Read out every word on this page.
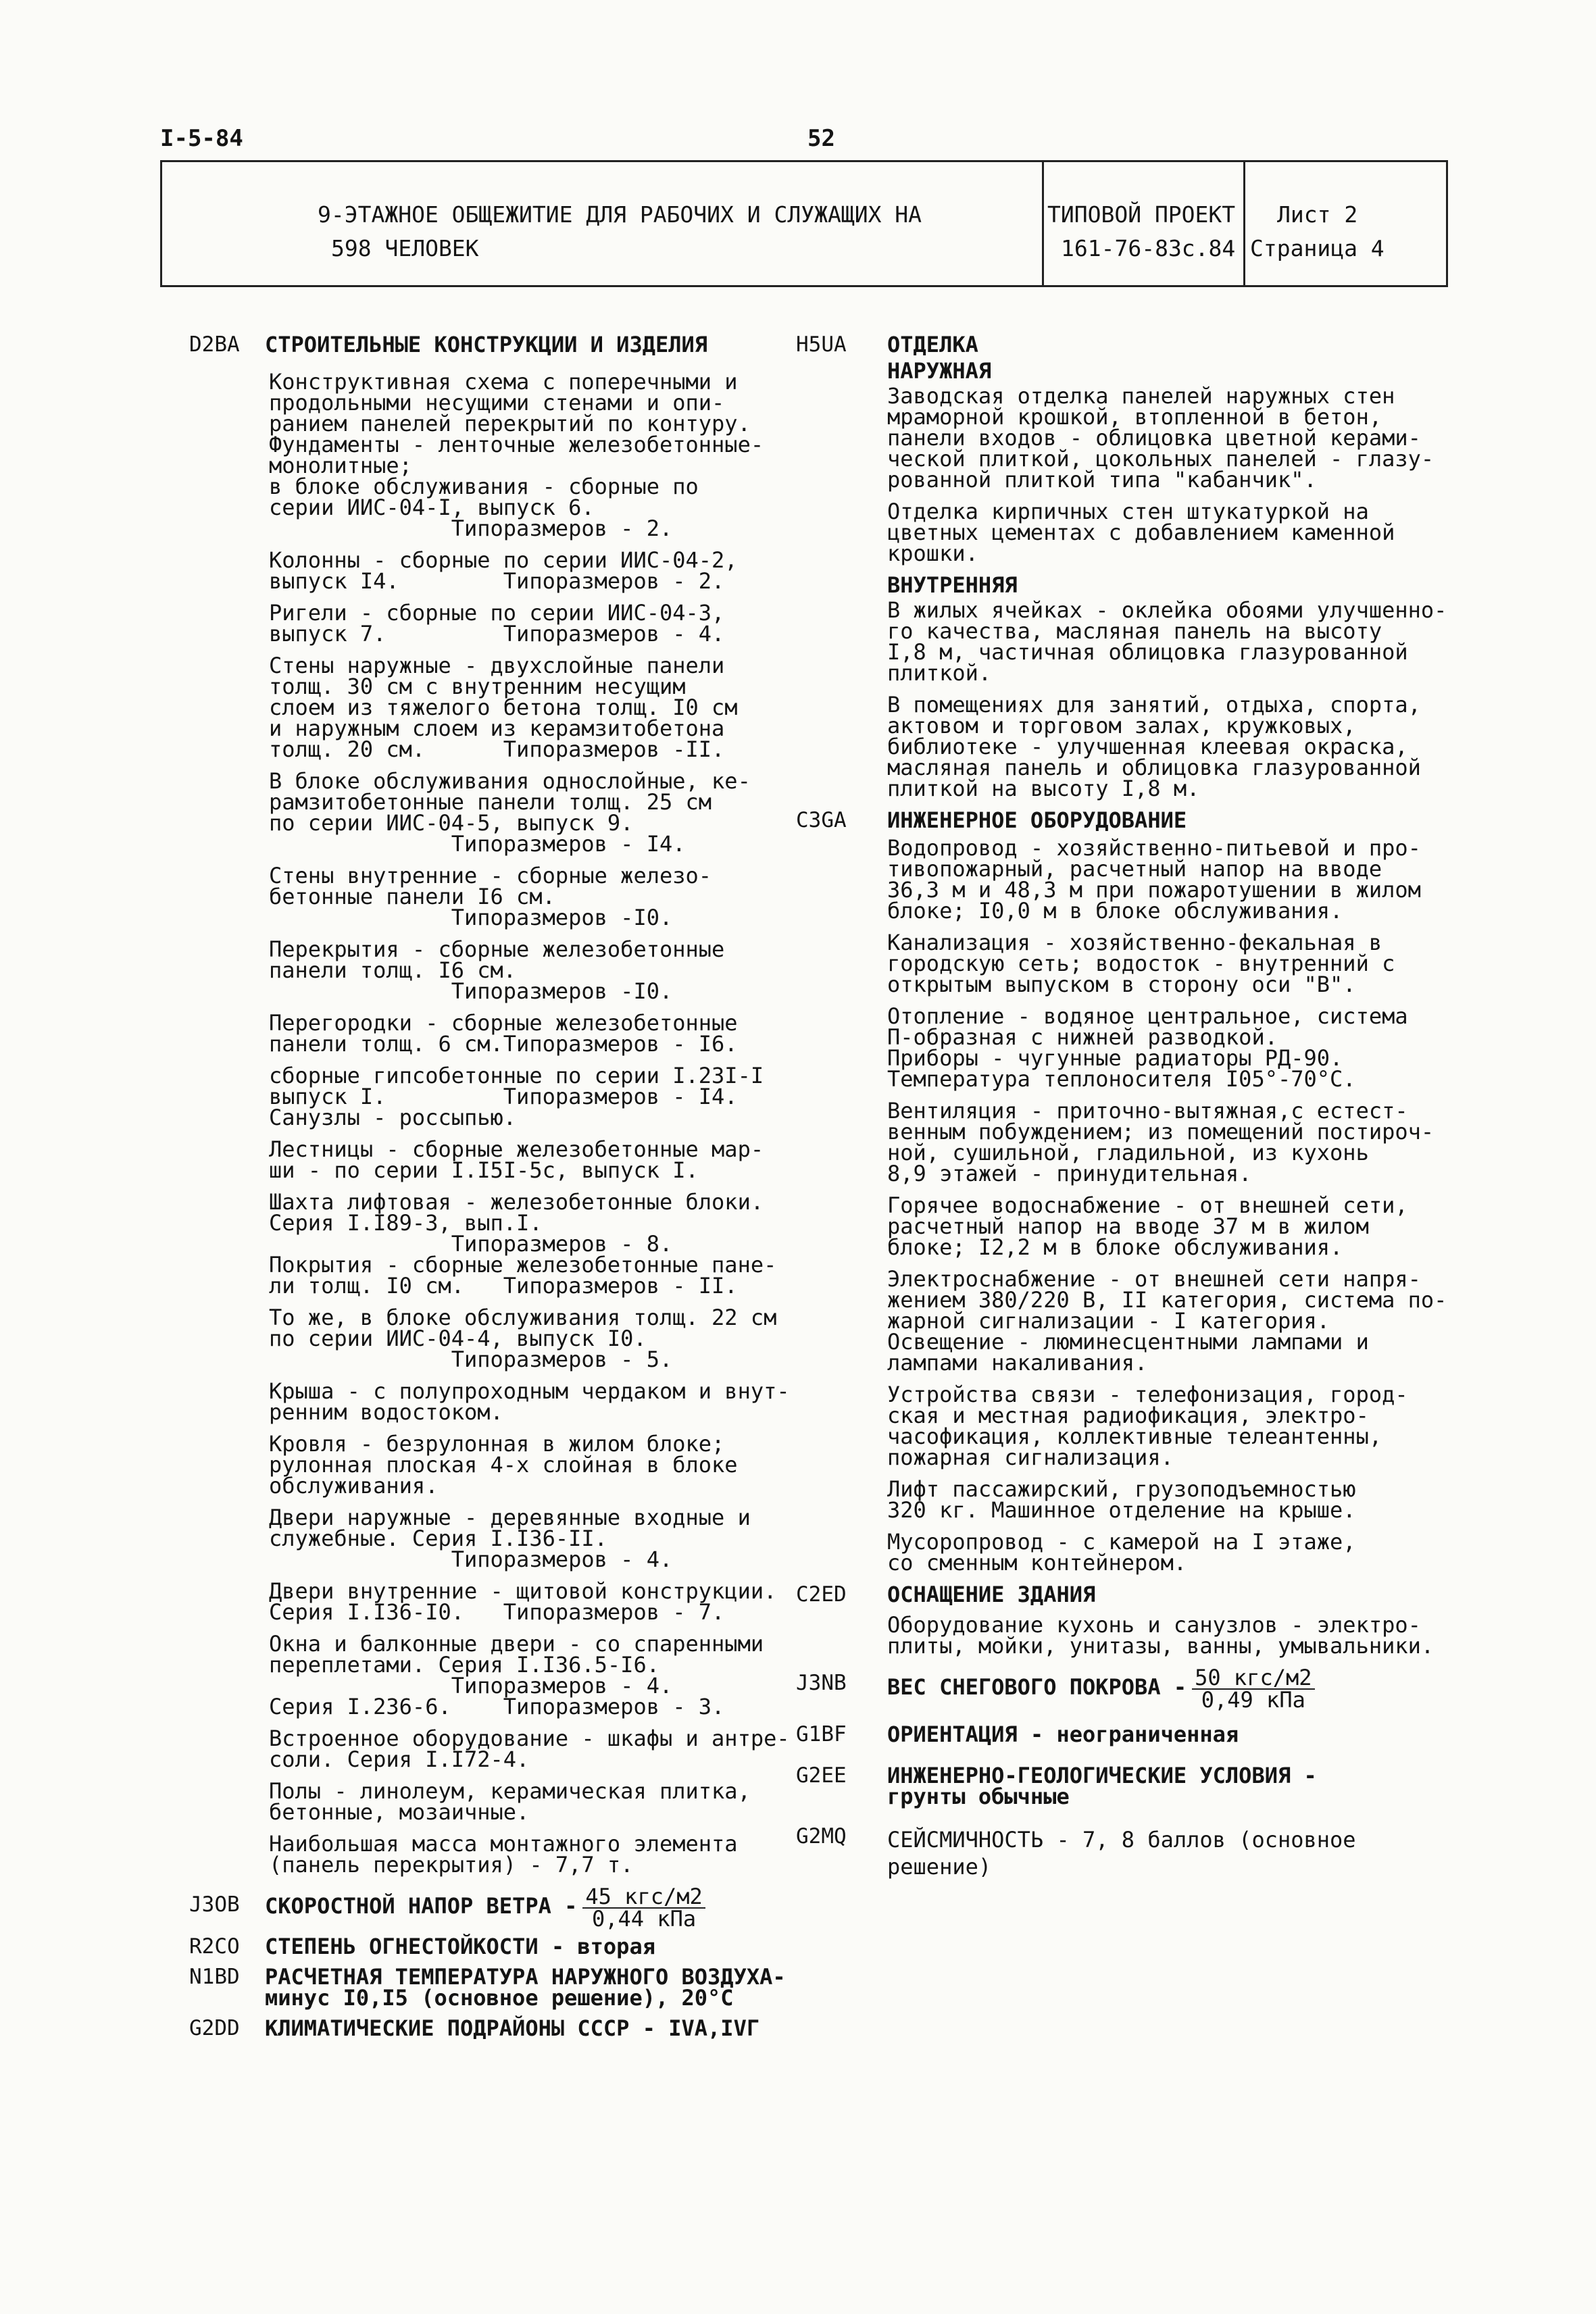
I-5-84	52
9-ЭТАЖНОЕ ОБЩЕЖИТИЕ ДЛЯ РАБОЧИХ И СЛУЖАЩИХ НА
598 ЧЕЛОВЕК
ТИПОВОЙ ПРОЕКТ
161-76-83с.84
Лист 2
Страница 4
D2BA СТРОИТЕЛЬНЫЕ КОНСТРУКЦИИ И ИЗДЕЛИЯ
Конструктивная схема с поперечными и
продольными несущими стенами и опи-
ранием панелей перекрытий по контуру.
Фундаменты - ленточные железобетонные-
монолитные;
в блоке обслуживания - сборные по
серии ИИС-04-I, выпуск 6.
Типоразмеров - 2.
Колонны - сборные по серии ИИС-04-2,
выпуск I4.        Типоразмеров - 2.
Ригели - сборные по серии ИИС-04-3,
выпуск 7.         Типоразмеров - 4.
Стены наружные - двухслойные панели
толщ. 30 см с внутренним несущим
слоем из тяжелого бетона толщ. I0 см
и наружным слоем из керамзитобетона
толщ. 20 см.      Типоразмеров -II.
В блоке обслуживания однослойные, ке-
рамзитобетонные панели толщ. 25 см
по серии ИИС-04-5, выпуск 9.
Типоразмеров - I4.
Стены внутренние - сборные железо-
бетонные панели I6 см.
Типоразмеров -I0.
Перекрытия - сборные железобетонные
панели толщ. I6 см.
Типоразмеров -I0.
Перегородки - сборные железобетонные
панели толщ. 6 см.Типоразмеров - I6.
сборные гипсобетонные по серии I.23I-I
выпуск I.         Типоразмеров - I4.
Санузлы - россыпью.
Лестницы - сборные железобетонные мар-
ши - по серии I.I5I-5с, выпуск I.
Шахта лифтовая - железобетонные блоки.
Серия I.I89-3, вып.I.
Типоразмеров - 8.
Покрытия - сборные железобетонные пане-
ли толщ. I0 см.   Типоразмеров - II.
То же, в блоке обслуживания толщ. 22 см
по серии ИИС-04-4, выпуск I0.
Типоразмеров - 5.
Крыша - с полупроходным чердаком и внут-
ренним водостоком.
Кровля - безрулонная в жилом блоке;
рулонная плоская 4-х слойная в блоке
обслуживания.
Двери наружные - деревянные входные и
служебные. Серия I.I36-II.
Типоразмеров - 4.
Двери внутренние - щитовой конструкции.
Серия I.I36-I0.   Типоразмеров - 7.
Окна и балконные двери - со спаренными
переплетами. Серия I.I36.5-I6.
Типоразмеров - 4.
Серия I.236-6.    Типоразмеров - 3.
Встроенное оборудование - шкафы и антре-
соли. Серия I.I72-4.
Полы - линолеум, керамическая плитка,
бетонные, мозаичные.
Наибольшая масса монтажного элемента
(панель перекрытия) - 7,7 т.
J3OB СКОРОСТНОЙ НАПОР ВЕТРА - $\frac{\text{45 кгс/м2}}{\text{0,44 кПа}}$
R2CO СТЕПЕНЬ ОГНЕСТОЙКОСТИ - вторая
N1BD РАСЧЕТНАЯ ТЕМПЕРАТУРА НАРУЖНОГО ВОЗДУХА-
минус I0,I5 (основное решение), 20°С
G2DD КЛИМАТИЧЕСКИЕ ПОДРАЙОНЫ СССР - IVА,IVГ
H5UA ОТДЕЛКА
НАРУЖНАЯ
Заводская отделка панелей наружных стен
мраморной крошкой, втопленной в бетон,
панели входов - облицовка цветной керами-
ческой плиткой, цокольных панелей - глазу-
рованной плиткой типа "кабанчик".
Отделка кирпичных стен штукатуркой на
цветных цементах с добавлением каменной
крошки.
ВНУТРЕННЯЯ
В жилых ячейках - оклейка обоями улучшенно-
го качества, масляная панель на высоту
I,8 м, частичная облицовка глазурованной
плиткой.
В помещениях для занятий, отдыха, спорта,
актовом и торговом залах, кружковых,
библиотеке - улучшенная клеевая окраска,
масляная панель и облицовка глазурованной
плиткой на высоту I,8 м.
C3GA ИНЖЕНЕРНОЕ ОБОРУДОВАНИЕ
Водопровод - хозяйственно-питьевой и про-
тивопожарный, расчетный напор на вводе
36,3 м и 48,3 м при пожаротушении в жилом
блоке; I0,0 м в блоке обслуживания.
Канализация - хозяйственно-фекальная в
городскую сеть; водосток - внутренний с
открытым выпуском в сторону оси "В".
Отопление - водяное центральное, система
П-образная с нижней разводкой.
Приборы - чугунные радиаторы РД-90.
Температура теплоносителя I05°-70°С.
Вентиляция - приточно-вытяжная,с естест-
венным побуждением; из помещений постироч-
ной, сушильной, гладильной, из кухонь
8,9 этажей - принудительная.
Горячее водоснабжение - от внешней сети,
расчетный напор на вводе 37 м в жилом
блоке; I2,2 м в блоке обслуживания.
Электроснабжение - от внешней сети напря-
жением 380/220 В, II категория, система по-
жарной сигнализации - I категория.
Освещение - люминесцентными лампами и
лампами накаливания.
Устройства связи - телефонизация, город-
ская и местная радиофикация, электро-
часофикация, коллективные телеантенны,
пожарная сигнализация.
Лифт пассажирский, грузоподъемностью
320 кг. Машинное отделение на крыше.
Мусоропровод - с камерой на I этаже,
со сменным контейнером.
C2ED ОСНАЩЕНИЕ ЗДАНИЯ
Оборудование кухонь и санузлов - электро-
плиты, мойки, унитазы, ванны, умывальники.
J3NB ВЕС СНЕГОВОГО ПОКРОВА - $\frac{\text{50 кгс/м2}}{\text{0,49 кПа}}$
G1BF ОРИЕНТАЦИЯ - неограниченная
G2EE ИНЖЕНЕРНО-ГЕОЛОГИЧЕСКИЕ УСЛОВИЯ -
грунты обычные
G2MQ СЕЙСМИЧНОСТЬ - 7, 8 баллов (основное
решение)
